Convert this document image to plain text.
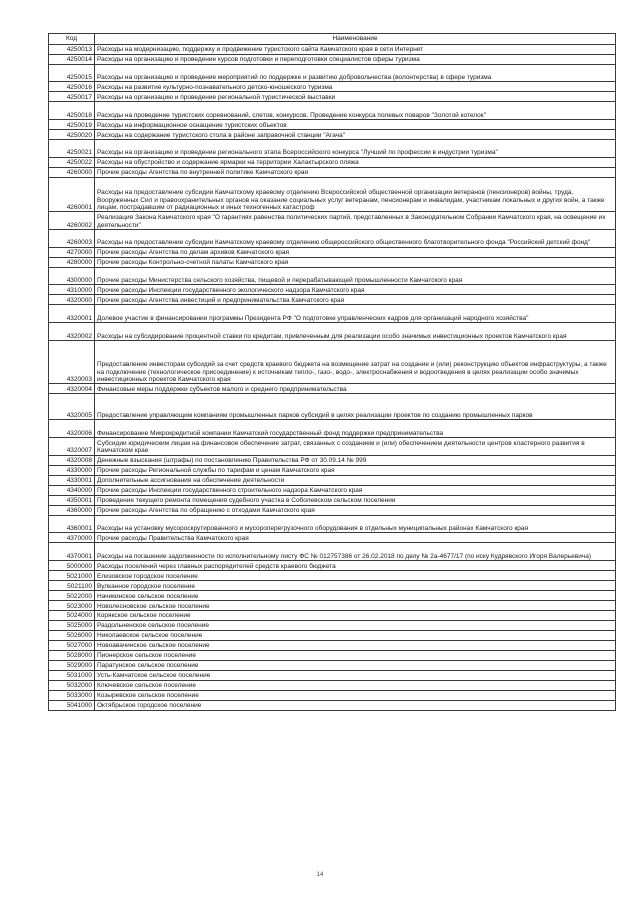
Код	Наименование
4250013	Расходы на модернизацию, поддержку и продвижение туристского сайта Камчатского края в сети Интернет
4250014	Расходы на организацию и проведение курсов подготовки и переподготовки специалистов сферы туризма
4250015	Расходы на организацию и проведение мероприятий по поддержке и развитию добровольчества (волонтерства) в сфере туризма
4250016	Расходы на развитие культурно-познавательного детско-юношеского туризма
4250017	Расходы на организацию и проведение региональной туристической выставки
4250018	Расходы на проведение туристских соревнований, слетов, конкурсов. Проведение конкурса полевых поваров "Золотой котелок"
4250019	Расходы на информационное оснащение туристских объектов
4250020	Расходы на содержание туристского стола в районе заправочной станции "Агача"
4250021	Расходы на организацию и проведение регионального этапа Всероссийского конкурса "Лучший по профессии в индустрии туризма"
4250022	Расходы на обустройство и содержание ярмарки на территории Халактырского пляжа
4260000	Прочие расходы Агентства по внутренней политике Камчатского края
4260001	Расходы на предоставление субсидии Камчатскому краевому отделению Всероссийской общественной организации ветеранов (пенсионеров) войны, труда, Вооруженных Сил и правоохранительных органов на оказание социальных услуг ветеранам, пенсионерам и инвалидам, участникам локальных и других войн, а также лицам, пострадавшим от радиационных и иных техногенных катастроф
4260002	Реализация Закона Камчатского края "О гарантиях равенства политических партий, представленных в Законодательном Собрании Камчатского края, на освещение их деятельности"
4260003	Расходы на предоставление субсидии Камчатскому краевому отделению общероссийского общественного благотворительного фонда "Российский детский фонд"
4270000	Прочие расходы Агентства по делам архивов Камчатского края
4280000	Прочие расходы Контрольно-счетной палаты Камчатского края
4300000	Прочие расходы Министерства сельского хозяйства, пищевой и перерабатывающей промышленности Камчатского края
4310000	Прочие расходы Инспекции государственного экологического надзора Камчатского края
4320000	Прочие расходы Агентства инвестиций и предпринимательства Камчатского края
4320001	Долевое участие в финансировании программы Президента РФ "О подготовке управленческих кадров для организаций народного хозяйства"
4320002	Расходы на субсидирование процентной ставки по кредитам, привлеченным для реализации особо значимых инвестиционных проектов Камчатского края
4320003	Предоставление инвесторам субсидий за счет средств краевого бюджета на возмещение затрат на создание и (или) реконструкцию объектов инфраструктуры, а также на подключение (технологическое присоединение) к источникам тепло-, газо-, водо-, электроснабжения и водоотведения в целях реализации особо значимых инвестиционных проектов Камчатского края
4320004	Финансовые меры поддержки субъектов малого и среднего предпринимательства
4320005	Предоставление управляющим компаниям промышленных парков субсидий в целях реализации проектов по созданию промышленных парков
4320006	Финансирование Микрокредитной компании Камчатский государственный фонд поддержки предпринимательства
4320007	Субсидии юридическим лицам на финансовое обеспечение затрат, связанных с созданием и (или) обеспечением деятельности центров кластерного развития в Камчатском крае
4320008	Денежные взыскания (штрафы) по постановлению Правительства РФ от 30.09.14 № 999
4330000	Прочие расходы Региональной службы по тарифам и ценам Камчатского края
4330001	Дополнительные ассигнования на обеспечение деятельности
4340000	Прочие расходы Инспекции государственного строительного надзора Камчатского края
4350001	Проведение текущего ремонта помещения судебного участка в Соболевском сельском поселении
4360000	Прочие расходы Агентства по обращению с отходами Камчатского края
4360001	Расходы на установку мусороскрутированного и мусороперегрузочного оборудования в отдельных муниципальных районах Камчатского края
4370000	Прочие расходы Правительства Камчатского края
4370001	Расходы на погашение задолженности по исполнительному листу ФС № 012757386 от 26.02.2018 по делу № 2а-4677/17 (по иску Кудрявского Игоря Валерьевича)
5000000	Расходы поселений через главных распорядителей средств краевого бюджета
5021000	Елизовское городское поселение
5021100	Вулканное городское поселение
5022000	Начикинское сельское поселение
5023000	Новолесновское сельское поселение
5024000	Корякское сельское поселение
5025000	Раздольненское сельское поселение
5026000	Николаевское сельское поселение
5027000	Новоавачинское сельское поселение
5028000	Пионерское сельское поселение
5029000	Паратунское сельское поселение
5031000	Усть-Камчатское сельское поселение
5032000	Ключевское сельское поселение
5033000	Козыревское сельское поселение
5041000	Октябрьское городское поселение
14
